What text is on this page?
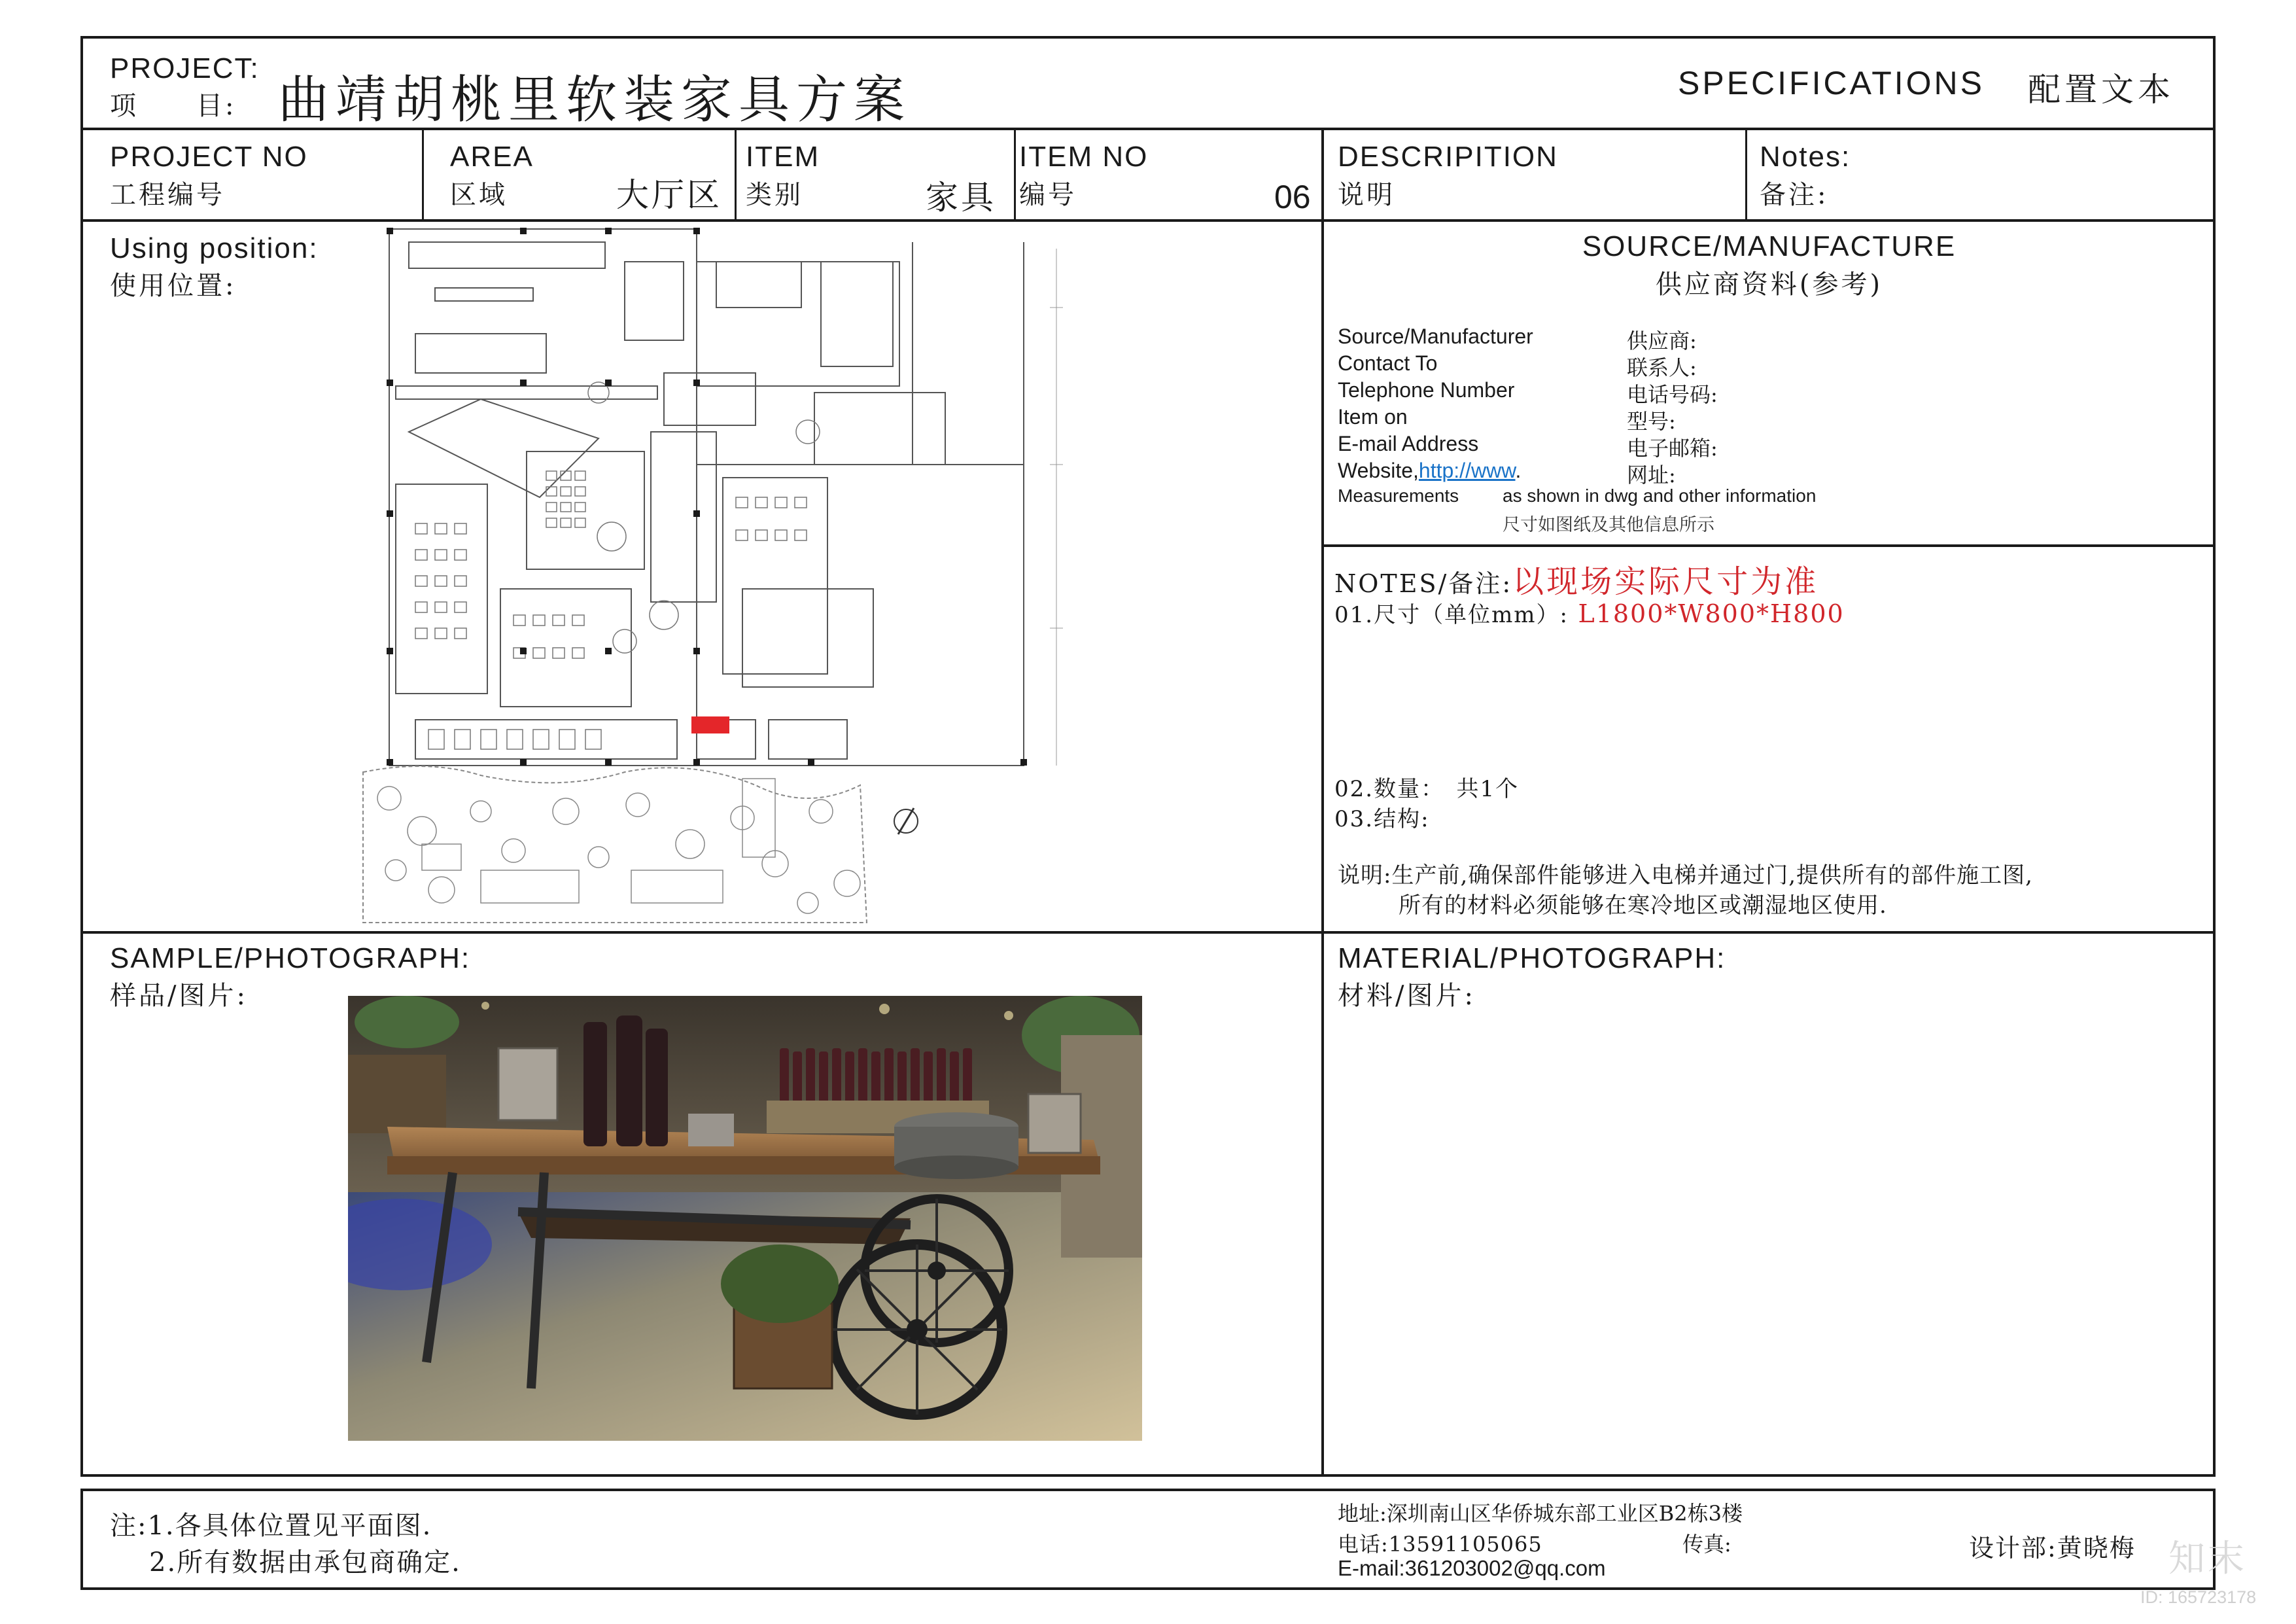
PROJECT:
项　　目: 曲靖胡桃里软装家具方案	SPECIFICATIONS 配置文本
PROJECT NO
工程编号
AREA
区域	大厅区
ITEM
类别	家具
ITEM NO
编号	06
DESCRIPITION
说明
Notes:
备注:
Using position:
使用位置:
SOURCE/MANUFACTURE
供应商资料(参考)
Source/Manufacturer	供应商:
Contact To	联系人:
Telephone Number	电话号码:
Item on	型号:
E-mail Address	电子邮箱:
Website,http://www.	网址:
Measurements as shown in dwg and other information
尺寸如图纸及其他信息所示
NOTES/备注:以现场实际尺寸为准
01.尺寸（单位mm）: L1800*W800*H800
02.数量： 共1个
03.结构:
说明:生产前,确保部件能够进入电梯并通过门,提供所有的部件施工图,
所有的材料必须能够在寒冷地区或潮湿地区使用.
SAMPLE/PHOTOGRAPH:
样品/图片:
MATERIAL/PHOTOGRAPH:
材料/图片:
注:1.各具体位置见平面图.
2.所有数据由承包商确定.
地址:深圳南山区华侨城东部工业区B2栋3楼
电话:13591105065	传真:
E-mail:361203002@qq.com
设计部:黄晓梅 知末
ID: 165723178
